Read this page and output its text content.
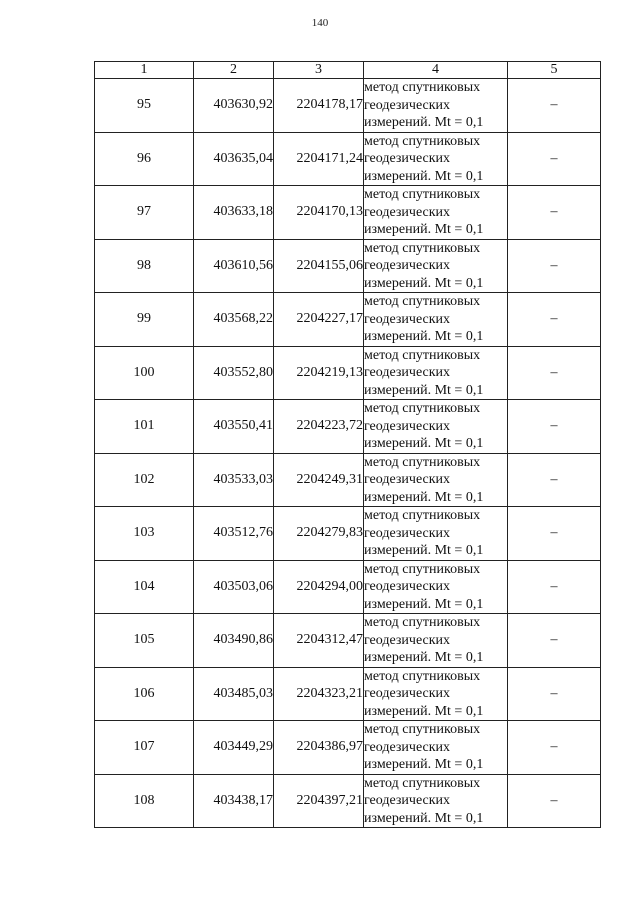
140
1	2	3	4	5
95	403630,92	2204178,17	метод спутниковых
геодезических
измерений. Mt = 0,1	–
96	403635,04	2204171,24	метод спутниковых
геодезических
измерений. Mt = 0,1	–
97	403633,18	2204170,13	метод спутниковых
геодезических
измерений. Mt = 0,1	–
98	403610,56	2204155,06	метод спутниковых
геодезических
измерений. Mt = 0,1	–
99	403568,22	2204227,17	метод спутниковых
геодезических
измерений. Mt = 0,1	–
100	403552,80	2204219,13	метод спутниковых
геодезических
измерений. Mt = 0,1	–
101	403550,41	2204223,72	метод спутниковых
геодезических
измерений. Mt = 0,1	–
102	403533,03	2204249,31	метод спутниковых
геодезических
измерений. Mt = 0,1	–
103	403512,76	2204279,83	метод спутниковых
геодезических
измерений. Mt = 0,1	–
104	403503,06	2204294,00	метод спутниковых
геодезических
измерений. Mt = 0,1	–
105	403490,86	2204312,47	метод спутниковых
геодезических
измерений. Mt = 0,1	–
106	403485,03	2204323,21	метод спутниковых
геодезических
измерений. Mt = 0,1	–
107	403449,29	2204386,97	метод спутниковых
геодезических
измерений. Mt = 0,1	–
108	403438,17	2204397,21	метод спутниковых
геодезических
измерений. Mt = 0,1	–
